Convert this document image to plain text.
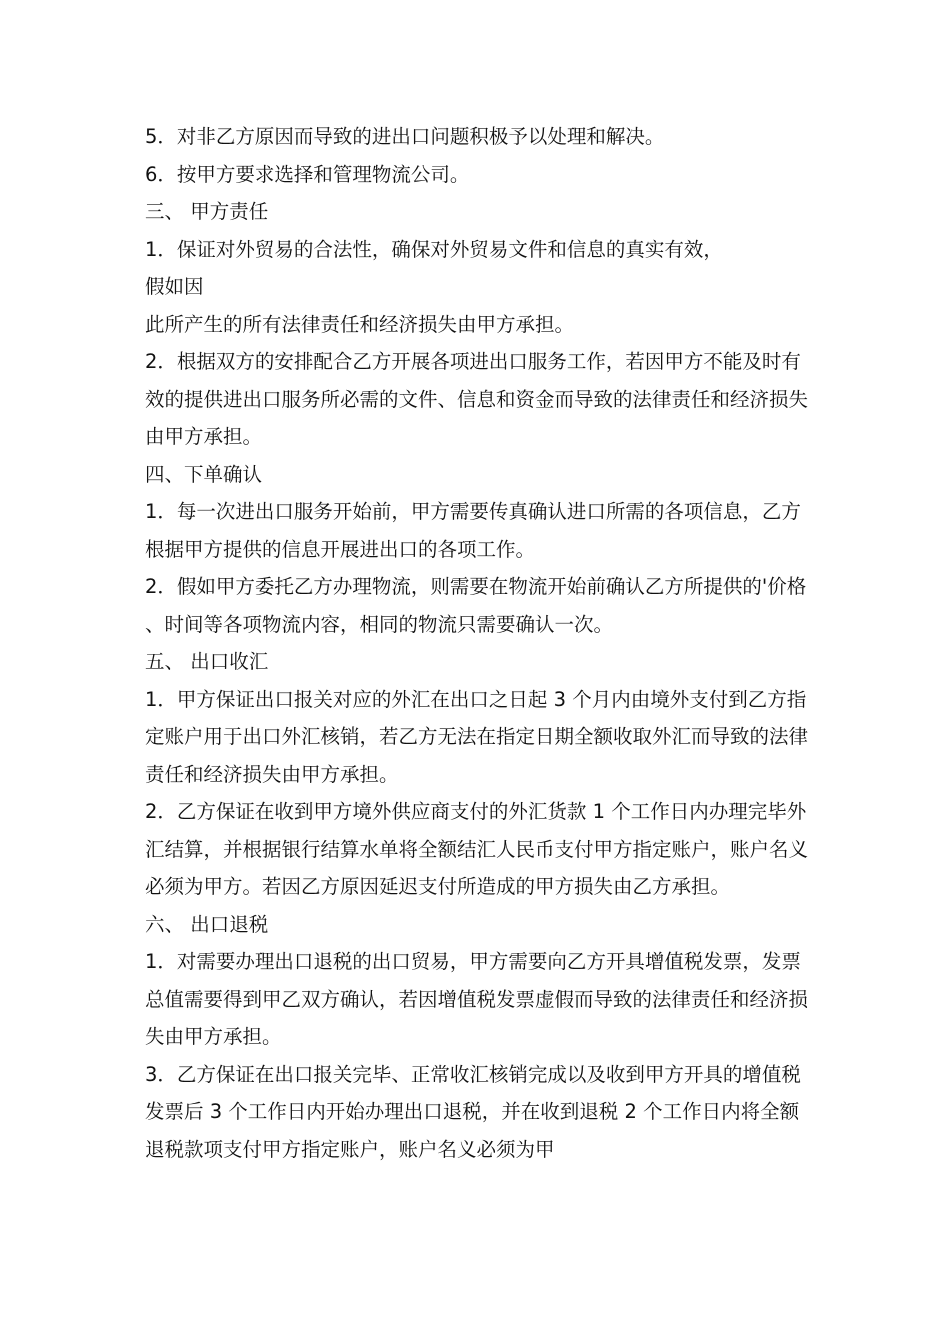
5．对非乙方原因而导致的进出口问题积极予以处理和解决。

6．按甲方要求选择和管理物流公司。

三、 甲方责任

1．保证对外贸易的合法性，确保对外贸易文件和信息的真实有效，
假如因

此所产生的所有法律责任和经济损失由甲方承担。

2．根据双方的安排配合乙方开展各项进出口服务工作，若因甲方不能及时有效的提供进出口服务所必需的文件、信息和资金而导致的法律责任和经济损失由甲方承担。

四、下单确认

1．每一次进出口服务开始前，甲方需要传真确认进口所需的各项信息，乙方根据甲方提供的信息开展进出口的各项工作。

2．假如甲方委托乙方办理物流，则需要在物流开始前确认乙方所提供的'价格、时间等各项物流内容，相同的物流只需要确认一次。

五、 出口收汇

1．甲方保证出口报关对应的外汇在出口之日起 3 个月内由境外支付到乙方指定账户用于出口外汇核销，若乙方无法在指定日期全额收取外汇而导致的法律责任和经济损失由甲方承担。

2．乙方保证在收到甲方境外供应商支付的外汇货款 1 个工作日内办理完毕外汇结算，并根据银行结算水单将全额结汇人民币支付甲方指定账户，账户名义必须为甲方。若因乙方原因延迟支付所造成的甲方损失由乙方承担。

六、 出口退税

1．对需要办理出口退税的出口贸易，甲方需要向乙方开具增值税发票，发票总值需要得到甲乙双方确认，若因增值税发票虚假而导致的法律责任和经济损失由甲方承担。

3．乙方保证在出口报关完毕、正常收汇核销完成以及收到甲方开具的增值税发票后 3 个工作日内开始办理出口退税，并在收到退税 2 个工作日内将全额退税款项支付甲方指定账户，账户名义必须为甲
